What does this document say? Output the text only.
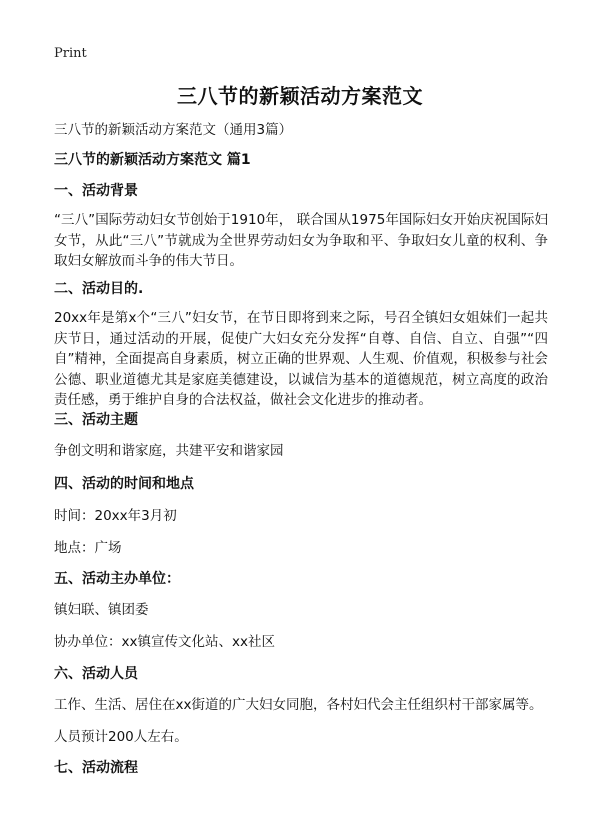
Print
三八节的新颖活动方案范文
三八节的新颖活动方案范文（通用3篇）
三八节的新颖活动方案范文 篇1
一、活动背景
“三八”国际劳动妇女节创始于1910年， 联合国从1975年国际妇女开始庆祝国际妇女节，从此“三八”节就成为全世界劳动妇女为争取和平、争取妇女儿童的权利、争取妇女解放而斗争的伟大节日。
二、活动目的.
20xx年是第x个“三八”妇女节，在节日即将到来之际，号召全镇妇女姐妹们一起共庆节日，通过活动的开展，促使广大妇女充分发挥“自尊、自信、自立、自强”“四自”精神，全面提高自身素质，树立正确的世界观、人生观、价值观，积极参与社会公德、职业道德尤其是家庭美德建设，以诚信为基本的道德规范，树立高度的政治责任感，勇于维护自身的合法权益，做社会文化进步的推动者。
三、活动主题
争创文明和谐家庭，共建平安和谐家园
四、活动的时间和地点
时间：20xx年3月初
地点：广场
五、活动主办单位：
镇妇联、镇团委
协办单位：xx镇宣传文化站、xx社区
六、活动人员
工作、生活、居住在xx街道的广大妇女同胞，各村妇代会主任组织村干部家属等。
人员预计200人左右。
七、活动流程
